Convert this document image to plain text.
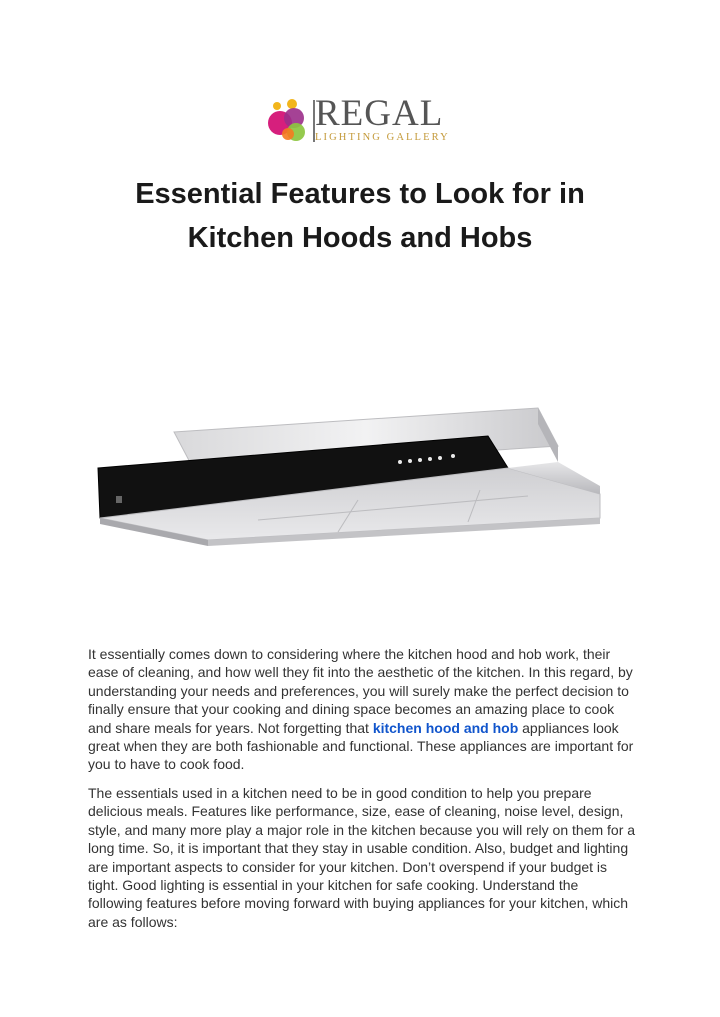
REGAL
LIGHTING GALLERY
Essential Features to Look for in
Kitchen Hoods and Hobs

It essentially comes down to considering where the kitchen hood and hob work, their ease of cleaning, and how well they fit into the aesthetic of the kitchen. In this regard, by understanding your needs and preferences, you will surely make the perfect decision to finally ensure that your cooking and dining space becomes an amazing place to cook and share meals for years. Not forgetting that kitchen hood and hob appliances look great when they are both fashionable and functional. These appliances are important for you to have to cook food.

The essentials used in a kitchen need to be in good condition to help you prepare delicious meals. Features like performance, size, ease of cleaning, noise level, design, style, and many more play a major role in the kitchen because you will rely on them for a long time. So, it is important that they stay in usable condition. Also, budget and lighting are important aspects to consider for your kitchen. Don’t overspend if your budget is tight. Good lighting is essential in your kitchen for safe cooking. Understand the following features before moving forward with buying appliances for your kitchen, which are as follows:
